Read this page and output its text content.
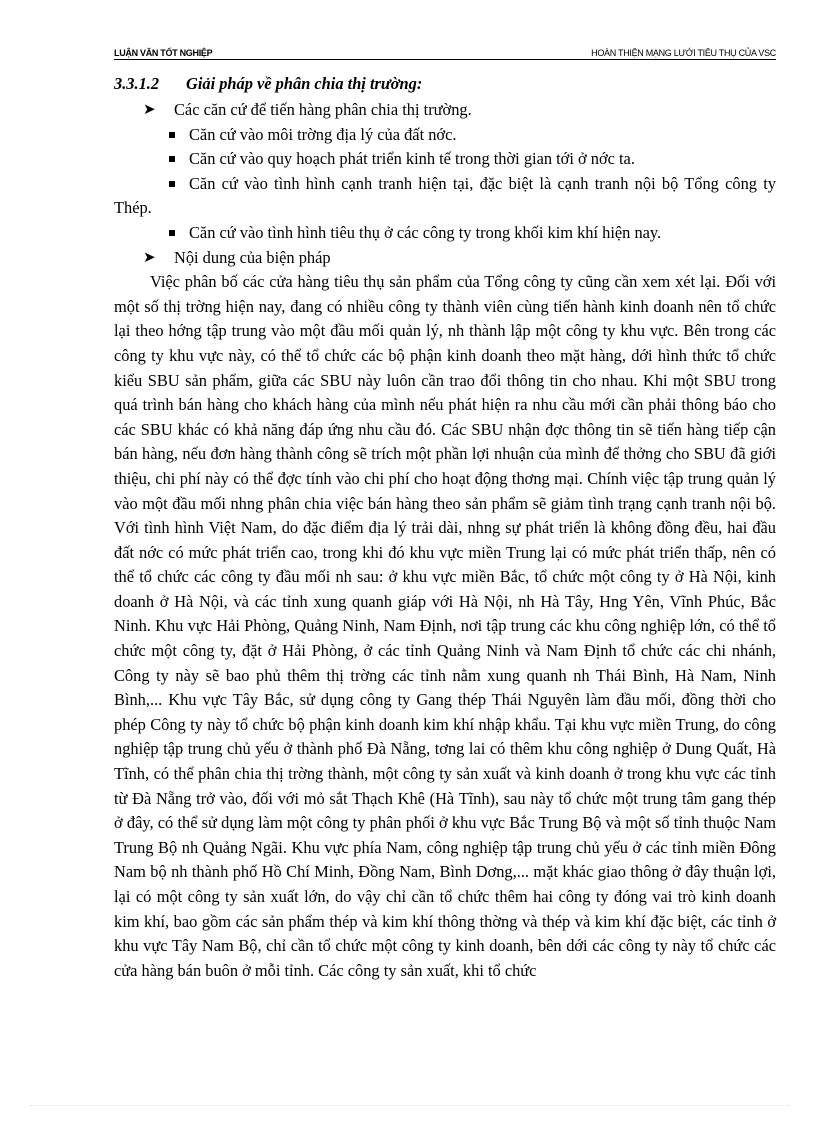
LUẬN VĂN TỐT NGHIỆP	HOÀN THIỆN MẠNG LƯỚI TIÊU THỤ CỦA VSC

3.3.1.2 Giải pháp về phân chia thị trường:

➤ Các căn cứ để tiến hàng phân chia thị trường.

Căn cứ vào môi trờng địa lý của đất nớc.

Căn cứ vào quy hoạch phát triển kinh tế trong thời gian tới ở nớc ta.

Căn cứ vào tình hình cạnh tranh hiện tại, đặc biệt là cạnh tranh nội bộ Tổng công ty Thép.

Căn cứ vào tình hình tiêu thụ ở các công ty trong khối kim khí hiện nay.

➤ Nội dung của biện pháp

Việc phân bố các cửa hàng tiêu thụ sản phẩm của Tổng công ty cũng cần xem xét lại. Đối với một số thị trờng hiện nay, đang có nhiều công ty thành viên cùng tiến hành kinh doanh nên tổ chức lại theo hớng tập trung vào một đầu mối quản lý, nh thành lập một công ty khu vực. Bên trong các công ty khu vực này, có thể tổ chức các bộ phận kinh doanh theo mặt hàng, dới hình thức tổ chức kiểu SBU sản phẩm, giữa các SBU này luôn cần trao đổi thông tin cho nhau. Khi một SBU trong quá trình bán hàng cho khách hàng của mình nếu phát hiện ra nhu cầu mới cần phải thông báo cho các SBU khác có khả năng đáp ứng nhu cầu đó. Các SBU nhận đợc thông tin sẽ tiến hàng tiếp cận bán hàng, nếu đơn hàng thành công sẽ trích một phần lợi nhuận của mình để thởng cho SBU đã giới thiệu, chi phí này có thể đợc tính vào chi phí cho hoạt động thơng mại. Chính việc tập trung quản lý vào một đầu mối nhng phân chia việc bán hàng theo sản phẩm sẽ giảm tình trạng cạnh tranh nội bộ. Với tình hình Việt Nam, do đặc điểm địa lý trải dài, nhng sự phát triển là không đồng đều, hai đầu đất nớc có mức phát triển cao, trong khi đó khu vực miền Trung lại có mức phát triển thấp, nên có thể tổ chức các công ty đầu mối nh sau: ở khu vực miền Bắc, tổ chức một công ty ở Hà Nội, kinh doanh ở Hà Nội, và các tỉnh xung quanh giáp với Hà Nội, nh Hà Tây, Hng Yên, Vĩnh Phúc, Bắc Ninh. Khu vực Hải Phòng, Quảng Ninh, Nam Định, nơi tập trung các khu công nghiệp lớn, có thể tổ chức một công ty, đặt ở Hải Phòng, ở các tỉnh Quảng Ninh và Nam Định tổ chức các chi nhánh, Công ty này sẽ bao phủ thêm thị trờng các tỉnh nằm xung quanh nh Thái Bình, Hà Nam, Ninh Bình,... Khu vực Tây Bắc, sử dụng công ty Gang thép Thái Nguyên làm đầu mối, đồng thời cho phép Công ty này tổ chức bộ phận kinh doanh kim khí nhập khẩu. Tại khu vực miền Trung, do công nghiệp tập trung chủ yếu ở thành phố Đà Nẵng, tơng lai có thêm khu công nghiệp ở Dung Quất, Hà Tĩnh, có thể phân chia thị trờng thành, một công ty sản xuất và kinh doanh ở trong khu vực các tỉnh từ Đà Nẵng trở vào, đối với mỏ sắt Thạch Khê (Hà Tĩnh), sau này tổ chức một trung tâm gang thép ở đây, có thể sử dụng làm một công ty phân phối ở khu vực Bắc Trung Bộ và một số tỉnh thuộc Nam Trung Bộ nh Quảng Ngãi. Khu vực phía Nam, công nghiệp tập trung chủ yếu ở các tỉnh miền Đông Nam bộ nh thành phố Hồ Chí Minh, Đồng Nam, Bình Dơng,... mặt khác giao thông ở đây thuận lợi, lại có một công ty sản xuất lớn, do vậy chỉ cần tổ chức thêm hai công ty đóng vai trò kinh doanh kim khí, bao gồm các sản phẩm thép và kim khí thông thờng và thép và kim khí đặc biệt, các tỉnh ở khu vực Tây Nam Bộ, chỉ cần tổ chức một công ty kinh doanh, bên dới các công ty này tổ chức các cửa hàng bán buôn ở mỗi tỉnh. Các công ty sản xuất, khi tổ chức
